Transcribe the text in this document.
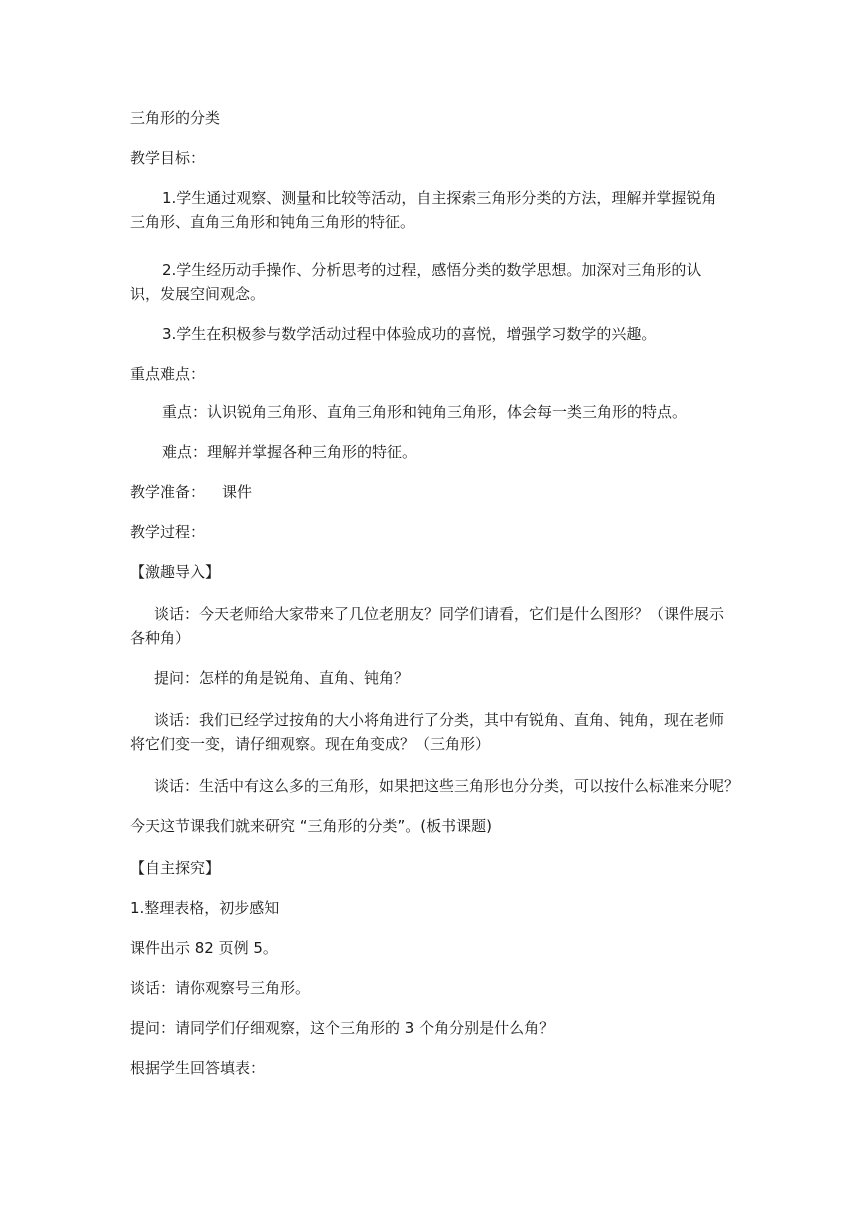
三角形的分类
教学目标：
1.学生通过观察、测量和比较等活动，自主探索三角形分类的方法，理解并掌握锐角三角形、直角三角形和钝角三角形的特征。
2.学生经历动手操作、分析思考的过程，感悟分类的数学思想。加深对三角形的认识，发展空间观念。
3.学生在积极参与数学活动过程中体验成功的喜悦，增强学习数学的兴趣。
重点难点：
重点：认识锐角三角形、直角三角形和钝角三角形，体会每一类三角形的特点。
难点：理解并掌握各种三角形的特征。
教学准备： 课件
教学过程：
【激趣导入】
谈话：今天老师给大家带来了几位老朋友？同学们请看，它们是什么图形？（课件展示各种角）
提问：怎样的角是锐角、直角、钝角？
谈话：我们已经学过按角的大小将角进行了分类，其中有锐角、直角、钝角，现在老师将它们变一变，请仔细观察。现在角变成？（三角形）
谈话：生活中有这么多的三角形，如果把这些三角形也分分类，可以按什么标准来分呢？
今天这节课我们就来研究 “三角形的分类”。(板书课题)
【自主探究】
1.整理表格，初步感知
课件出示 82 页例 5。
谈话：请你观察号三角形。
提问：请同学们仔细观察，这个三角形的 3 个角分别是什么角？
根据学生回答填表：
